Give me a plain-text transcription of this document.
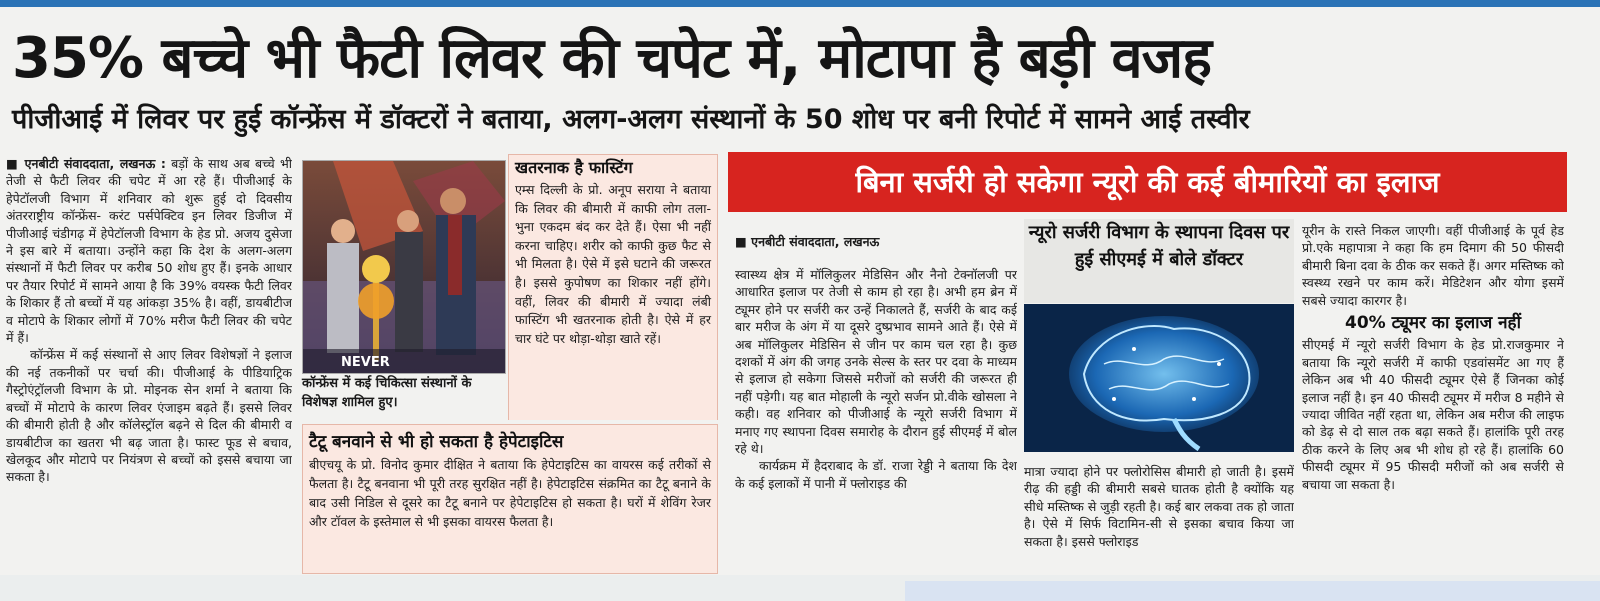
35% बच्चे भी फैटी लिवर की चपेट में, मोटापा है बड़ी वजह
पीजीआई में लिवर पर हुई कॉन्फ्रेंस में डॉक्टरों ने बताया, अलग-अलग संस्थानों के 50 शोध पर बनी रिपोर्ट में सामने आई तस्वीर
■ एनबीटी संवाददाता, लखनऊ : बड़ों के साथ अब बच्चे भी तेजी से फैटी लिवर की चपेट में आ रहे हैं। पीजीआई के हेपेटॉलजी विभाग में शनिवार को शुरू हुई दो दिवसीय अंतरराष्ट्रीय कॉन्फ्रेंस- करंट पर्सपेक्टिव इन लिवर डिजीज में पीजीआई चंडीगढ़ में हेपेटॉलजी विभाग के हेड प्रो. अजय दुसेजा ने इस बारे में बताया। उन्होंने कहा कि देश के अलग-अलग संस्थानों में फैटी लिवर पर करीब 50 शोध हुए हैं। इनके आधार पर तैयार रिपोर्ट में सामने आया है कि 39% वयस्क फैटी लिवर के शिकार हैं तो बच्चों में यह आंकड़ा 35% है। वहीं, डायबीटीज व मोटापे के शिकार लोगों में 70% मरीज फैटी लिवर की चपेट में हैं।
कॉन्फ्रेंस में कई संस्थानों से आए लिवर विशेषज्ञों ने इलाज की नई तकनीकों पर चर्चा की। पीजीआई के पीडियाट्रिक गैस्ट्रोएंट्रॉलजी विभाग के प्रो. मोइनक सेन शर्मा ने बताया कि बच्चों में मोटापे के कारण लिवर एंजाइम बढ़ते हैं। इससे लिवर की बीमारी होती है और कॉलेस्ट्रॉल बढ़ने से दिल की बीमारी व डायबीटीज का खतरा भी बढ़ जाता है। फास्ट फूड से बचाव, खेलकूद और मोटापे पर नियंत्रण से बच्चों को इससे बचाया जा सकता है।
NEVER
कॉन्फ्रेंस में कई चिकित्सा संस्थानों के विशेषज्ञ शामिल हुए।
खतरनाक है फास्टिंग
एम्स दिल्ली के प्रो. अनूप सराया ने बताया कि लिवर की बीमारी में काफी लोग तला-भुना एकदम बंद कर देते हैं। ऐसा भी नहीं करना चाहिए। शरीर को काफी कुछ फैट से भी मिलता है। ऐसे में इसे घटाने की जरूरत है। इससे कुपोषण का शिकार नहीं होंगे। वहीं, लिवर की बीमारी में ज्यादा लंबी फास्टिंग भी खतरनाक होती है। ऐसे में हर चार घंटे पर थोड़ा-थोड़ा खाते रहें।
टैटू बनवाने से भी हो सकता है हेपेटाइटिस
बीएचयू के प्रो. विनोद कुमार दीक्षित ने बताया कि हेपेटाइटिस का वायरस कई तरीकों से फैलता है। टैटू बनवाना भी पूरी तरह सुरक्षित नहीं है। हेपेटाइटिस संक्रमित का टैटू बनाने के बाद उसी निडिल से दूसरे का टैटू बनाने पर हेपेटाइटिस हो सकता है। घरों में शेविंग रेजर और टॉवल के इस्तेमाल से भी इसका वायरस फैलता है।
बिना सर्जरी हो सकेगा न्यूरो की कई बीमारियों का इलाज
■ एनबीटी संवाददाता, लखनऊ
स्वास्थ्य क्षेत्र में मॉलिकुलर मेडिसिन और नैनो टेक्नॉलजी पर आधारित इलाज पर तेजी से काम हो रहा है। अभी हम ब्रेन में ट्यूमर होने पर सर्जरी कर उन्हें निकालते हैं, सर्जरी के बाद कई बार मरीज के अंग में या दूसरे दुष्प्रभाव सामने आते हैं। ऐसे में अब मॉलिकुलर मेडिसिन से जीन पर काम चल रहा है। कुछ दशकों में अंग की जगह उनके सेल्स के स्तर पर दवा के माध्यम से इलाज हो सकेगा जिससे मरीजों को सर्जरी की जरूरत ही नहीं पड़ेगी। यह बात मोहाली के न्यूरो सर्जन प्रो.वीके खोसला ने कही। वह शनिवार को पीजीआई के न्यूरो सर्जरी विभाग में मनाए गए स्थापना दिवस समारोह के दौरान हुई सीएमई में बोल रहे थे।
कार्यक्रम में हैदराबाद के डॉ. राजा रेड्डी ने बताया कि देश के कई इलाकों में पानी में फ्लोराइड की
न्यूरो सर्जरी विभाग के स्थापना दिवस पर हुई सीएमई में बोले डॉक्टर
मात्रा ज्यादा होने पर फ्लोरोसिस बीमारी हो जाती है। इसमें रीढ़ की हड्डी की बीमारी सबसे घातक होती है क्योंकि यह सीधे मस्तिष्क से जुड़ी रहती है। कई बार लकवा तक हो जाता है। ऐसे में सिर्फ विटामिन-सी से इसका बचाव किया जा सकता है। इससे फ्लोराइड
यूरीन के रास्ते निकल जाएगी। वहीं पीजीआई के पूर्व हेड प्रो.एके महापात्रा ने कहा कि हम दिमाग की 50 फीसदी बीमारी बिना दवा के ठीक कर सकते हैं। अगर मस्तिष्क को स्वस्थ्य रखने पर काम करें। मेडिटेशन और योगा इसमें सबसे ज्यादा कारगर है।
40% ट्यूमर का इलाज नहीं
सीएमई में न्यूरो सर्जरी विभाग के हेड प्रो.राजकुमार ने बताया कि न्यूरो सर्जरी में काफी एडवांसमेंट आ गए हैं लेकिन अब भी 40 फीसदी ट्यूमर ऐसे हैं जिनका कोई इलाज नहीं है। इन 40 फीसदी ट्यूमर में मरीज 8 महीने से ज्यादा जीवित नहीं रहता था, लेकिन अब मरीज की लाइफ को डेढ़ से दो साल तक बढ़ा सकते हैं। हालांकि पूरी तरह ठीक करने के लिए अब भी शोध हो रहे हैं। हालांकि 60 फीसदी ट्यूमर में 95 फीसदी मरीजों को अब सर्जरी से बचाया जा सकता है।
